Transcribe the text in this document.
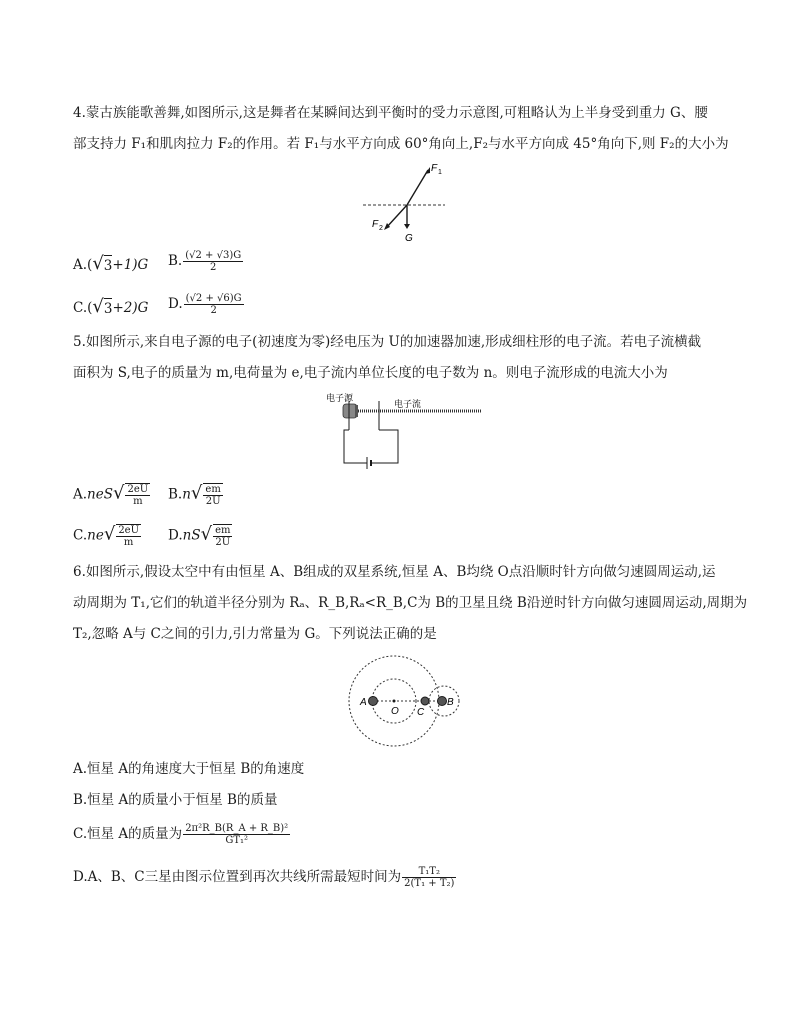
4.蒙古族能歌善舞,如图所示,这是舞者在某瞬间达到平衡时的受力示意图,可粗略认为上半身受到重力 G、腰
部支持力 F₁和肌肉拉力 F₂的作用。若 F₁与水平方向成 60°角向上,F₂与水平方向成 45°角向下,则 F₂的大小为
F 1
F 2
G
A.(√3+1)G B. $\frac{(√2 + √3)G}{2}$
C.(√3+2)G D. $\frac{(√2 + √6)G}{2}$
5.如图所示,来自电子源的电子(初速度为零)经电压为 U的加速器加速,形成细柱形的电子流。若电子流横截
面积为 S,电子的质量为 m,电荷量为 e,电子流内单位长度的电子数为 n。则电子流形成的电流大小为
电子源
电子流
$A.neS√ \frac{2eU}{m} B.n√ \frac{em}{2U}$
$C.ne√ \frac{2eU}{m} D.nS√ \frac{em}{2U}$
6.如图所示,假设太空中有由恒星 A、B组成的双星系统,恒星 A、B均绕 O点沿顺时针方向做匀速圆周运动,运
动周期为 T₁,它们的轨道半径分别为 Rₐ、R_B,Rₐ<R_B,C为 B的卫星且绕 B沿逆时针方向做匀速圆周运动,周期为
T₂,忽略 A与 C之间的引力,引力常量为 G。下列说法正确的是
A
O C
B
A.恒星 A的角速度大于恒星 B的角速度
B.恒星 A的质量小于恒星 B的质量
C.恒星 A的质量为 $\frac{\text{2π²R\_B(R\_A + R\_B)²}}{\text{GT₁²}}$
D.A、B、C三星由图示位置到再次共线所需最短时间为 $\frac{\text{T₁T₂}}{\text{2(T₁ + T₂)}}$
